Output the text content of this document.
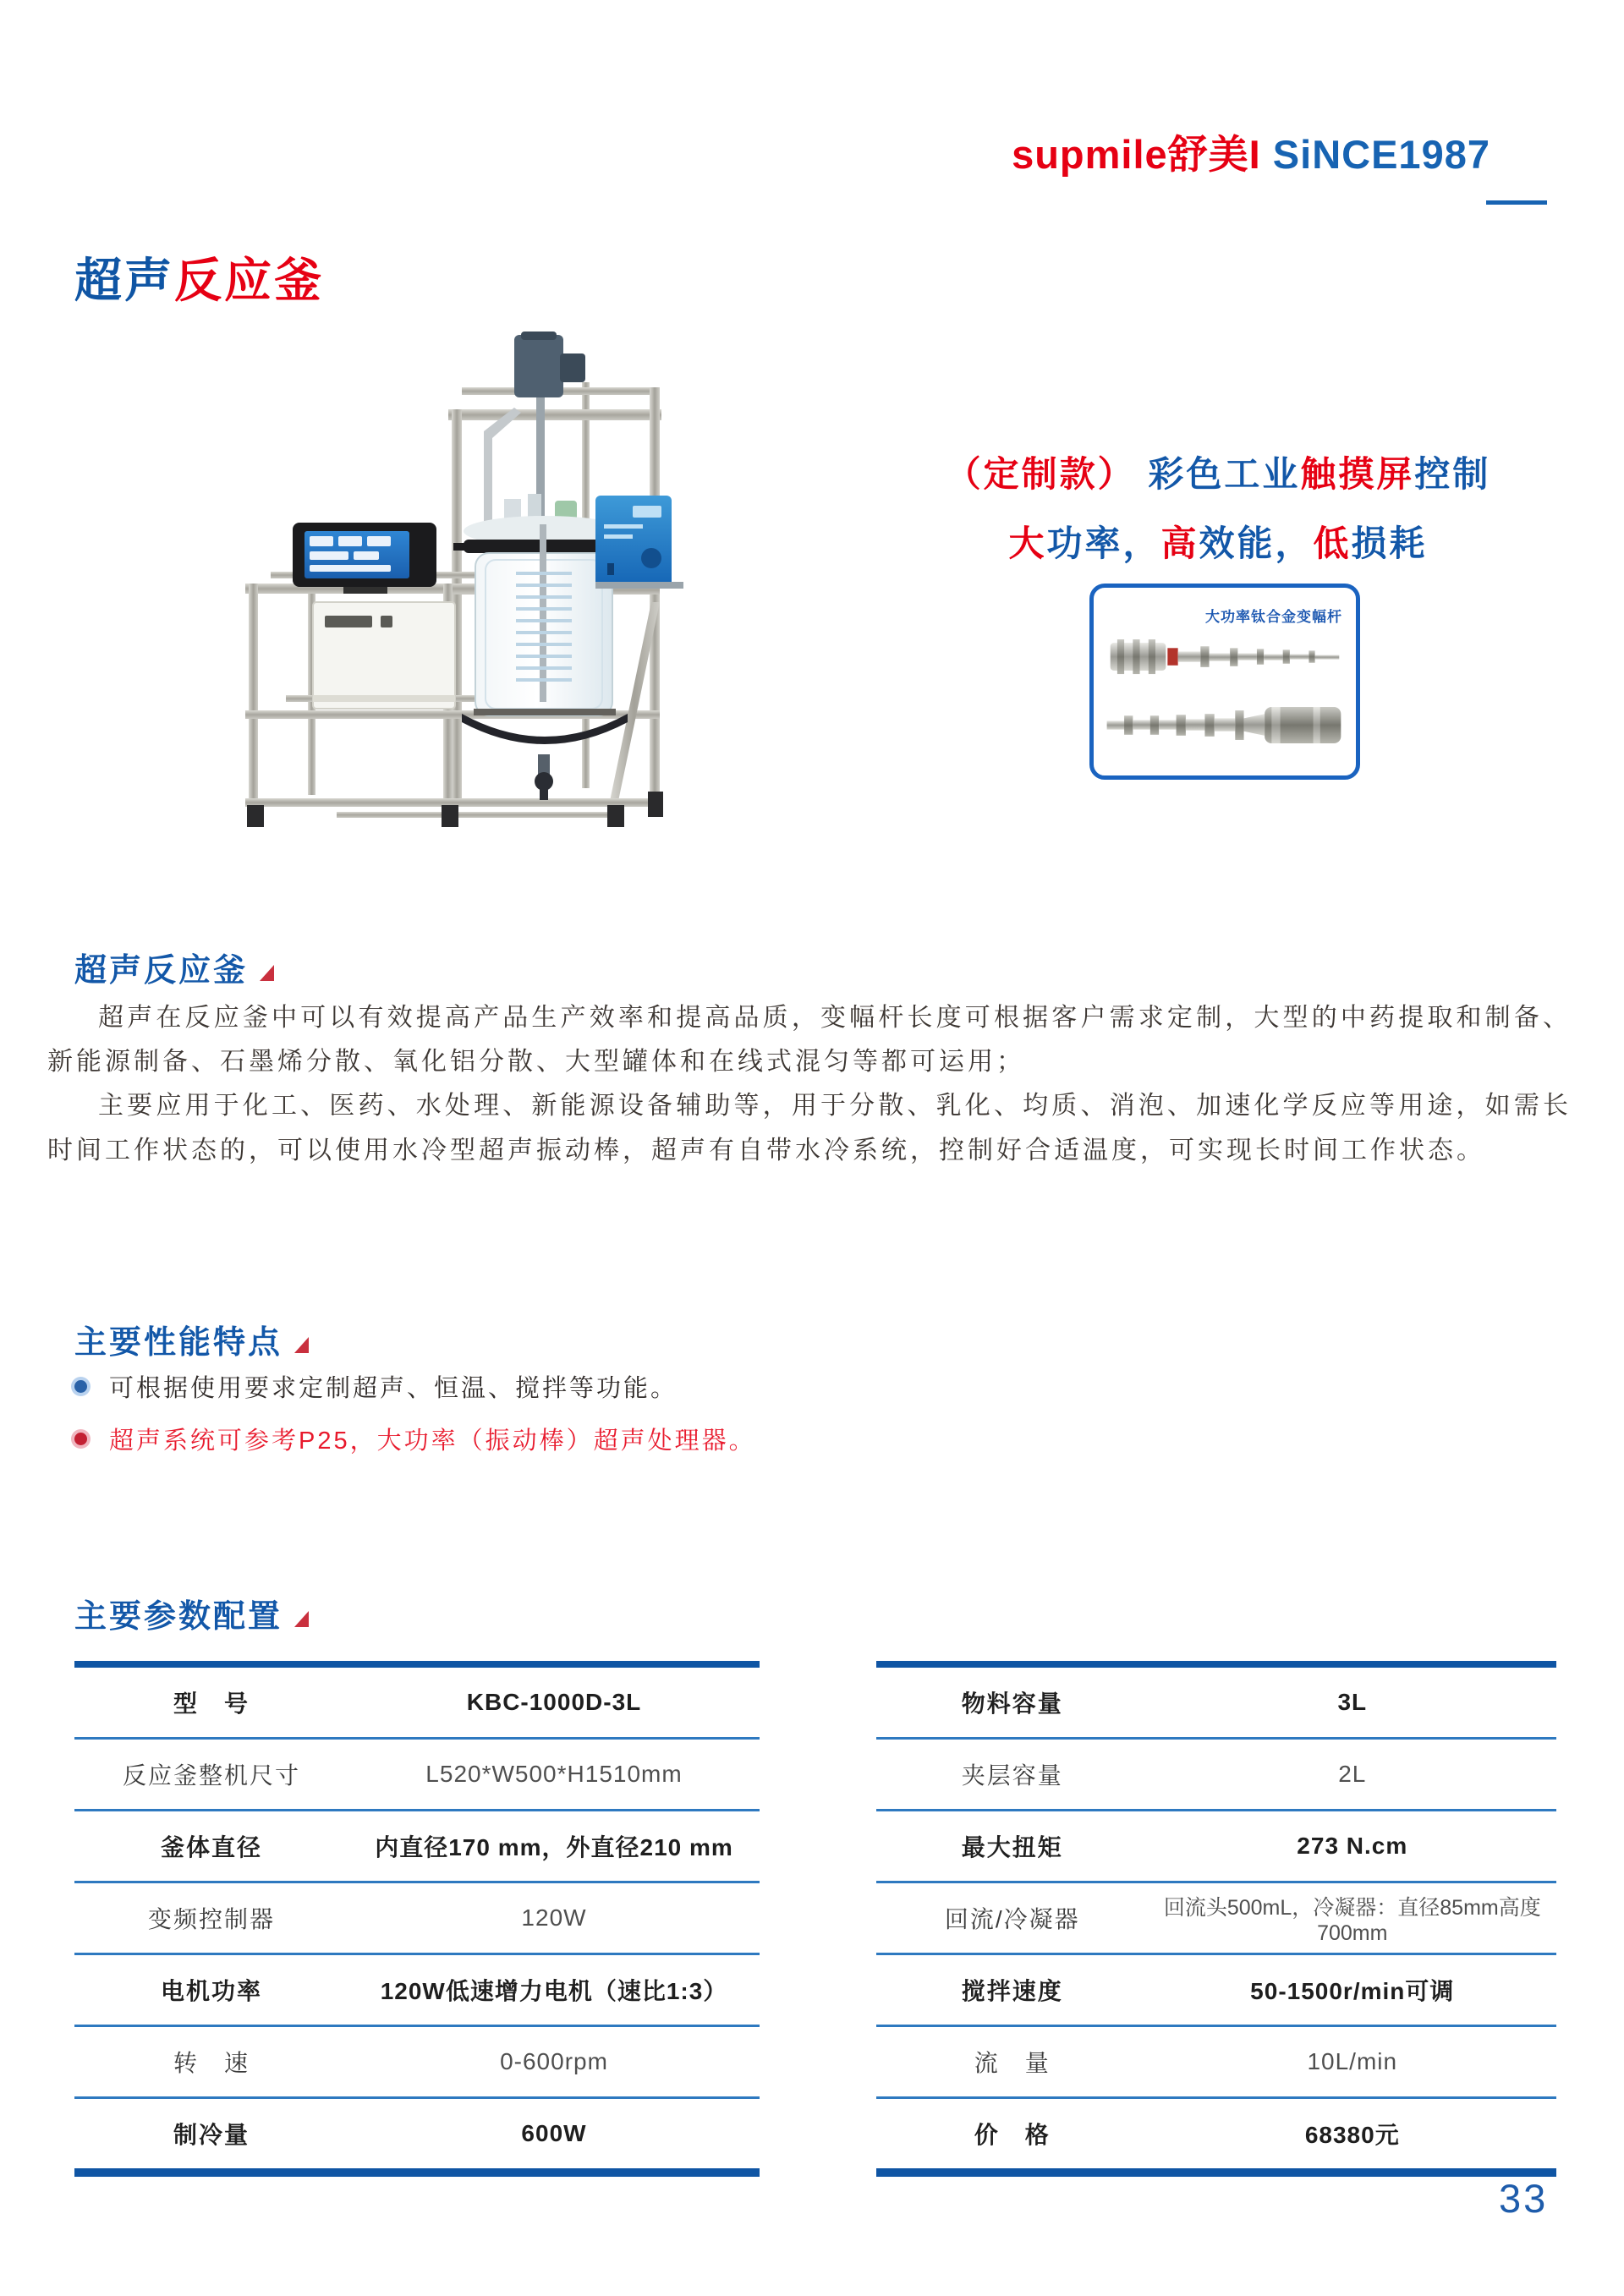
supmile舒美I SiNCE1987
超声反应釜
（定制款） 彩色工业触摸屏控制
大功率，高效能，低损耗
大功率钛合金变幅杆
超声反应釜

超声在反应釜中可以有效提高产品生产效率和提高品质，变幅杆长度可根据客户需求定制，大型的中药提取和制备、新能源制备、石墨烯分散、氧化铝分散、大型罐体和在线式混匀等都可运用；

主要应用于化工、医药、水处理、新能源设备辅助等，用于分散、乳化、均质、消泡、加速化学反应等用途，如需长时间工作状态的，可以使用水冷型超声振动棒，超声有自带水冷系统，控制好合适温度，可实现长时间工作状态。

主要性能特点
可根据使用要求定制超声、恒温、搅拌等功能。
超声系统可参考P25，大功率（振动棒）超声处理器。
主要参数配置
型　号	KBC-1000D-3L
反应釜整机尺寸	L520*W500*H1510mm
釜体直径	内直径170 mm，外直径210 mm
变频控制器	120W
电机功率	120W低速增力电机（速比1:3）
转　速	0-600rpm
制冷量	600W
物料容量	3L
夹层容量	2L
最大扭矩	273 N.cm
回流/冷凝器	回流头500mL，冷凝器：直径85mm高度700mm
搅拌速度	50-1500r/min可调
流　量	10L/min
价　格	68380元
33
